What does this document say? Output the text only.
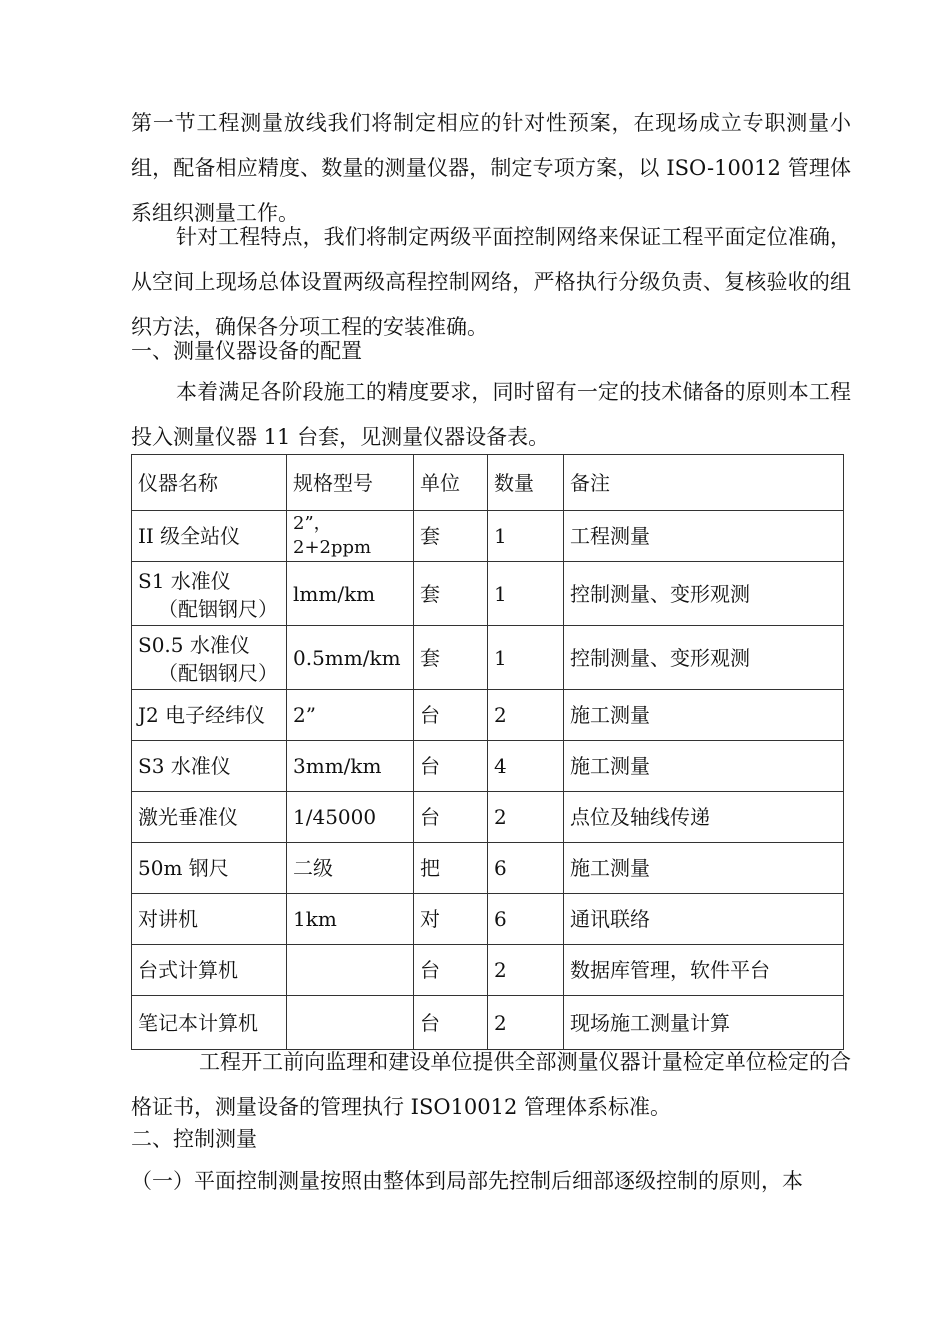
第一节工程测量放线我们将制定相应的针对性预案，在现场成立专职测量小组，配备相应精度、数量的测量仪器，制定专项方案，以 ISO-10012 管理体系组织测量工作。

针对工程特点，我们将制定两级平面控制网络来保证工程平面定位准确，从空间上现场总体设置两级高程控制网络，严格执行分级负责、复核验收的组织方法，确保各分项工程的安装准确。

一、测量仪器设备的配置

本着满足各阶段施工的精度要求，同时留有一定的技术储备的原则本工程投入测量仪器 11 台套，见测量仪器设备表。

仪器名称	规格型号	单位	数量	备注
II 级全站仪	2”， 2+2ppm	套	1	工程测量
S1 水准仪
（配铟钢尺）	lmm/km	套	1	控制测量、变形观测
S0.5 水准仪
（配铟钢尺）	0.5mm/km	套	1	控制测量、变形观测
J2 电子经纬仪	2”	台	2	施工测量
S3 水准仪	3mm/km	台	4	施工测量
激光垂准仪	1/45000	台	2	点位及轴线传递
50m 钢尺	二级	把	6	施工测量
对讲机	1km	对	6	通讯联络
台式计算机		台	2	数据库管理，软件平台
笔记本计算机		台	2	现场施工测量计算

工程开工前向监理和建设单位提供全部测量仪器计量检定单位检定的合格证书，测量设备的管理执行 ISO10012 管理体系标准。

二、控制测量

（一）平面控制测量按照由整体到局部先控制后细部逐级控制的原则，本
